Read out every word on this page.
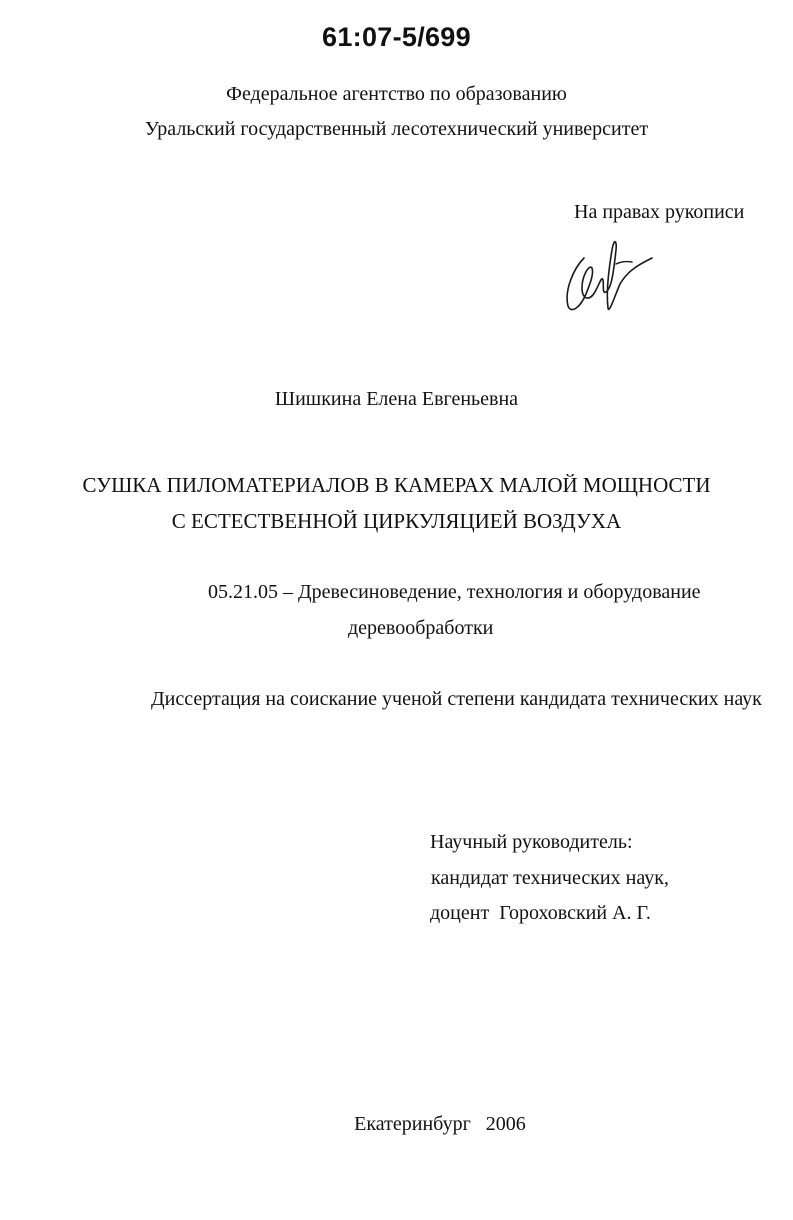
61:07-5/699
Федеральное агентство по образованию
Уральский государственный лесотехнический университет
На правах рукописи
Шишкина Елена Евгеньевна
СУШКА ПИЛОМАТЕРИАЛОВ В КАМЕРАХ МАЛОЙ МОЩНОСТИ
С ЕСТЕСТВЕННОЙ ЦИРКУЛЯЦИЕЙ ВОЗДУХА
05.21.05 – Древесиноведение, технология и оборудование
деревообработки
Диссертация на соискание ученой степени кандидата технических наук
Научный руководитель:
кандидат технических наук,
доцент  Гороховский А. Г.
Екатеринбург   2006
